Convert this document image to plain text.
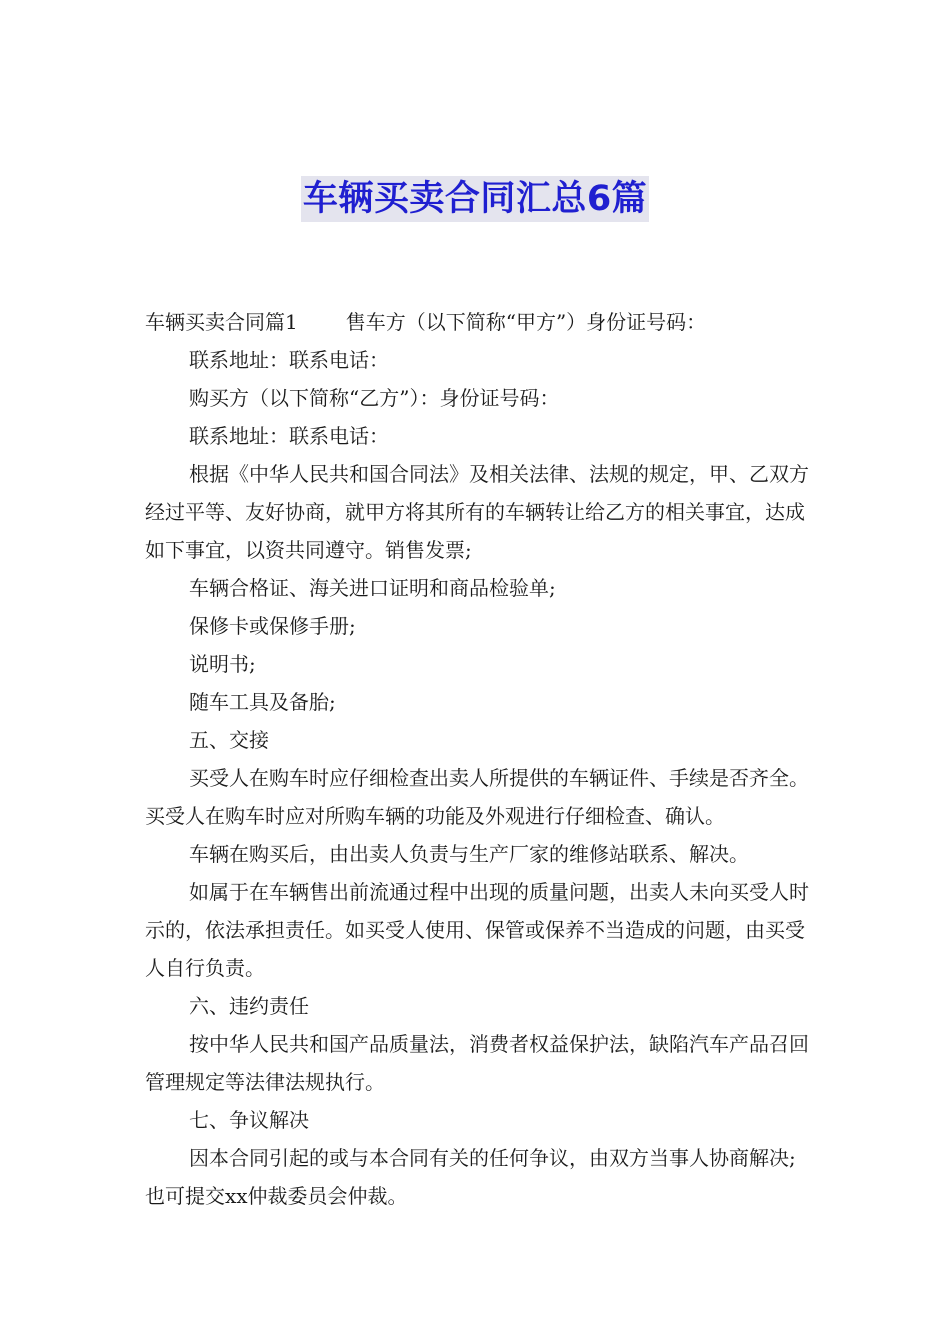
车辆买卖合同汇总6篇

车辆买卖合同篇1 售车方（以下简称“甲方”）身份证号码：

联系地址：联系电话：

购买方（以下简称“乙方”）：身份证号码：

联系地址：联系电话：

根据《中华人民共和国合同法》及相关法律、法规的规定，甲、乙双方经过平等、友好协商，就甲方将其所有的车辆转让给乙方的相关事宜，达成如下事宜，以资共同遵守。销售发票;

车辆合格证、海关进口证明和商品检验单;

保修卡或保修手册;

说明书;

随车工具及备胎;

五、交接

买受人在购车时应仔细检查出卖人所提供的车辆证件、手续是否齐全。买受人在购车时应对所购车辆的功能及外观进行仔细检查、确认。

车辆在购买后，由出卖人负责与生产厂家的维修站联系、解决。

如属于在车辆售出前流通过程中出现的质量问题，出卖人未向买受人时示的，依法承担责任。如买受人使用、保管或保养不当造成的问题，由买受人自行负责。

六、违约责任

按中华人民共和国产品质量法，消费者权益保护法，缺陷汽车产品召回管理规定等法律法规执行。

七、争议解决

因本合同引起的或与本合同有关的任何争议，由双方当事人协商解决;也可提交xx仲裁委员会仲裁。
